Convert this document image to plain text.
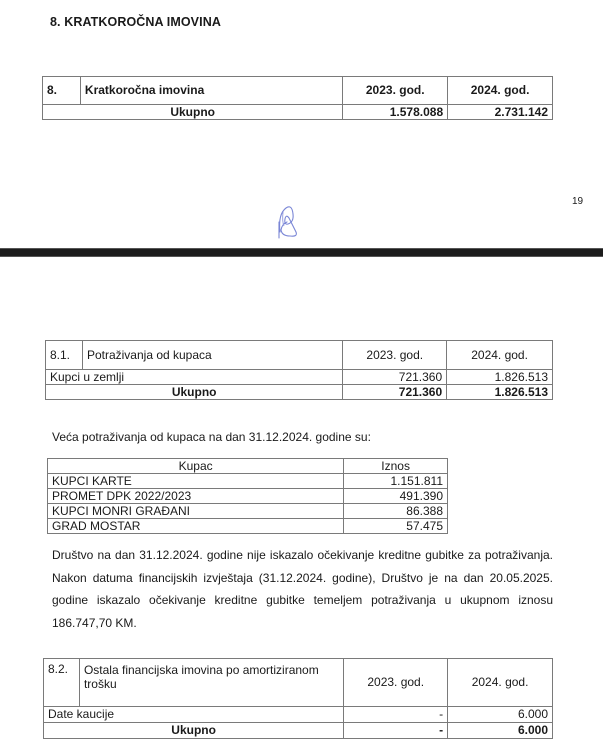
8. KRATKOROČNA IMOVINA
8.	Kratkoročna imovina	2023. god.	2024. god.
Ukupno		1.578.088	2.731.142
19
8.1.	Potraživanja od kupaca	2023. god.	2024. god.
Kupci u zemlji		721.360	1.826.513
Ukupno		721.360	1.826.513
Veća potraživanja od kupaca na dan 31.12.2024. godine su:
Kupac	Iznos
KUPCI KARTE	1.151.811
PROMET DPK 2022/2023	491.390
KUPCI MONRI GRAĐANI	86.388
GRAD MOSTAR	57.475
Društvo na dan 31.12.2024. godine nije iskazalo očekivanje kreditne gubitke za potraživanja.
Nakon datuma financijskih izvještaja (31.12.2024. godine), Društvo je na dan 20.05.2025.
godine iskazalo očekivanje kreditne gubitke temeljem potraživanja u ukupnom iznosu
186.747,70 KM.
8.2.	Ostala financijska imovina po amortiziranom trošku	2023. god.	2024. god.
Date kaucije		-	6.000
Ukupno		-	6.000
